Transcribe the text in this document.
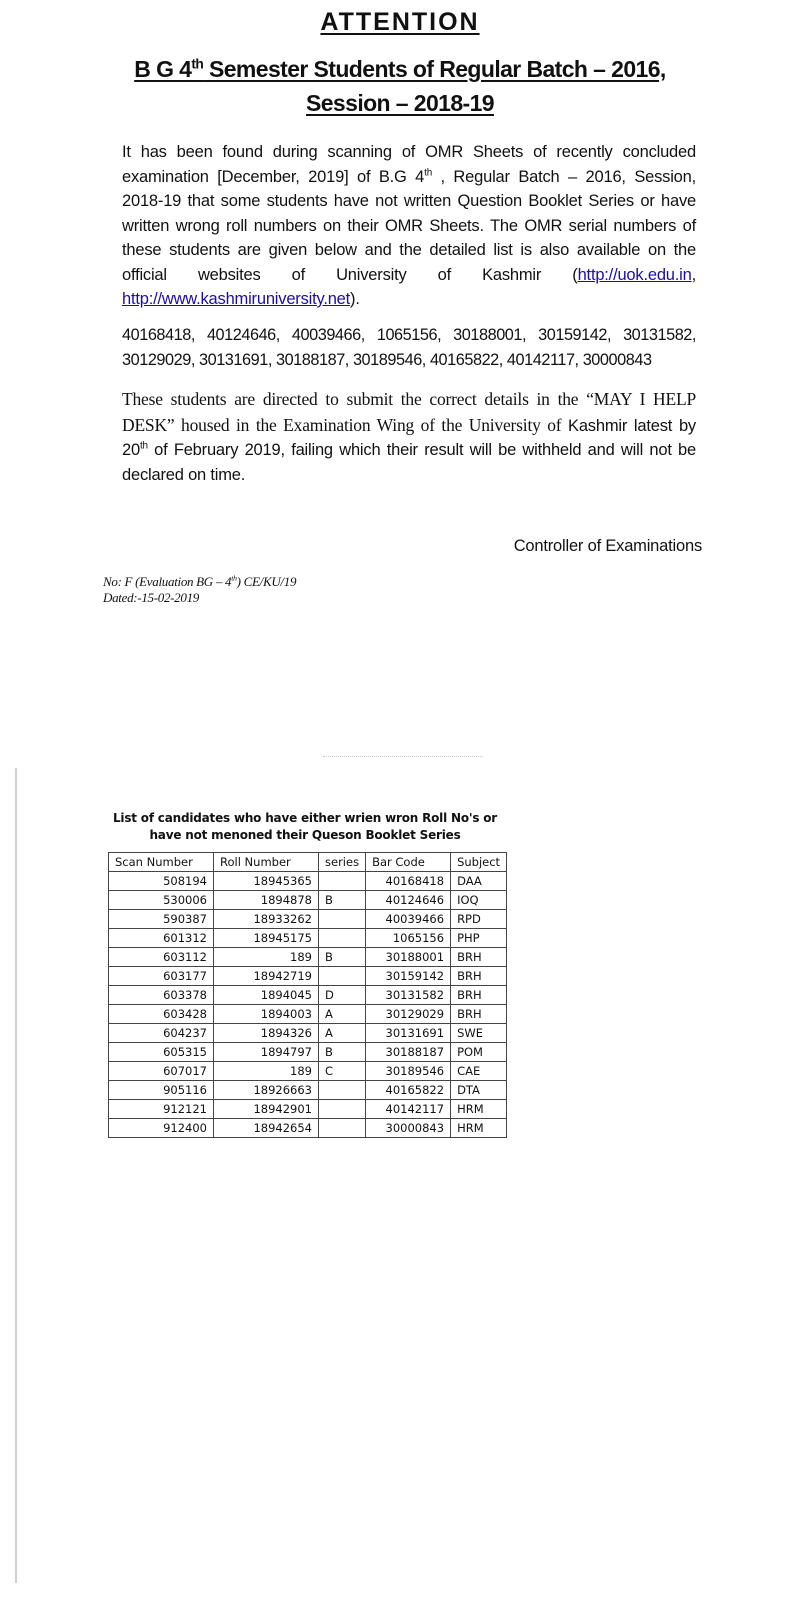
ATTENTION
B G 4th Semester Students of Regular Batch – 2016,
Session – 2018-19
It has been found during scanning of OMR Sheets of recently concluded examination [December, 2019] of B.G 4th , Regular Batch – 2016, Session, 2018-19 that some students have not written Question Booklet Series or have written wrong roll numbers on their OMR Sheets. The OMR serial numbers of these students are given below and the detailed list is also available on the official websites of University of Kashmir (http://uok.edu.in, http://www.kashmiruniversity.net).
40168418, 40124646, 40039466, 1065156, 30188001, 30159142, 30131582, 30129029, 30131691, 30188187, 30189546, 40165822, 40142117, 30000843
These students are directed to submit the correct details in the “MAY I HELP DESK” housed in the Examination Wing of the University of Kashmir latest by 20th of February 2019, failing which their result will be withheld and will not be declared on time.
Controller of Examinations
No: F (Evaluation BG – 4th) CE/KU/19
Dated:-15-02-2019
List of candidates who have either wrien wron Roll No's or
have not menoned their Queson Booklet Series
Scan Number	Roll Number	series	Bar Code	Subject
508194	18945365		40168418	DAA
530006	1894878	B	40124646	IOQ
590387	18933262		40039466	RPD
601312	18945175		1065156	PHP
603112	189	B	30188001	BRH
603177	18942719		30159142	BRH
603378	1894045	D	30131582	BRH
603428	1894003	A	30129029	BRH
604237	1894326	A	30131691	SWE
605315	1894797	B	30188187	POM
607017	189	C	30189546	CAE
905116	18926663		40165822	DTA
912121	18942901		40142117	HRM
912400	18942654		30000843	HRM
